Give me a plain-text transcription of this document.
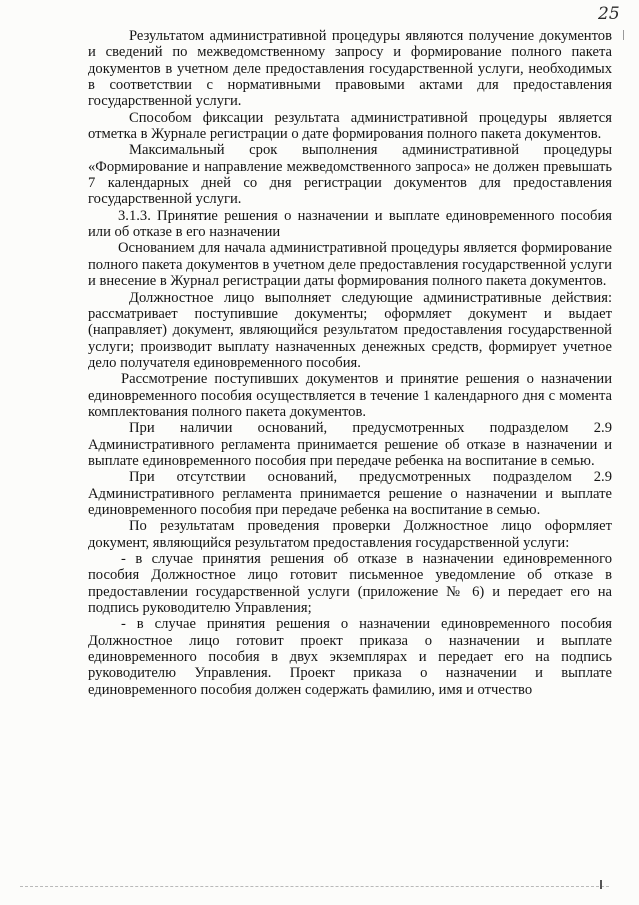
25

Результатом административной процедуры являются получение документов и сведений по межведомственному запросу и формирование полного пакета документов в учетном деле предоставления государственной услуги, необходимых в соответствии с нормативными правовыми актами для предоставления государственной услуги.

Способом фиксации результата административной процедуры является отметка в Журнале регистрации о дате формирования полного пакета документов.

Максимальный срок выполнения административной процедуры «Формирование и направление межведомственного запроса» не должен превышать 7 календарных дней со дня регистрации документов для предоставления государственной услуги.

3.1.3. Принятие решения о назначении и выплате единовременного пособия или об отказе в его назначении

Основанием для начала административной процедуры является формирование полного пакета документов в учетном деле предоставления государственной услуги и внесение в Журнал регистрации даты формирования полного пакета документов.

Должностное лицо выполняет следующие административные действия: рассматривает поступившие документы; оформляет документ и выдает (направляет) документ, являющийся результатом предоставления государственной услуги; производит выплату назначенных денежных средств, формирует учетное дело получателя единовременного пособия.

Рассмотрение поступивших документов и принятие решения о назначении единовременного пособия осуществляется в течение 1 календарного дня с момента комплектования полного пакета документов.

При наличии оснований, предусмотренных подразделом 2.9 Административного регламента принимается решение об отказе в назначении и выплате единовременного пособия при передаче ребенка на воспитание в семью.

При отсутствии оснований, предусмотренных подразделом 2.9 Административного регламента принимается решение о назначении и выплате единовременного пособия при передаче ребенка на воспитание в семью.

По результатам проведения проверки Должностное лицо оформляет документ, являющийся результатом предоставления государственной услуги:

- в случае принятия решения об отказе в назначении единовременного пособия Должностное лицо готовит письменное уведомление об отказе в предоставлении государственной услуги (приложение № 6) и передает его на подпись руководителю Управления;

- в случае принятия решения о назначении единовременного пособия Должностное лицо готовит проект приказа о назначении и выплате единовременного пособия в двух экземплярах и передает его на подпись руководителю Управления. Проект приказа о назначении и выплате единовременного пособия должен содержать фамилию, имя и отчество
